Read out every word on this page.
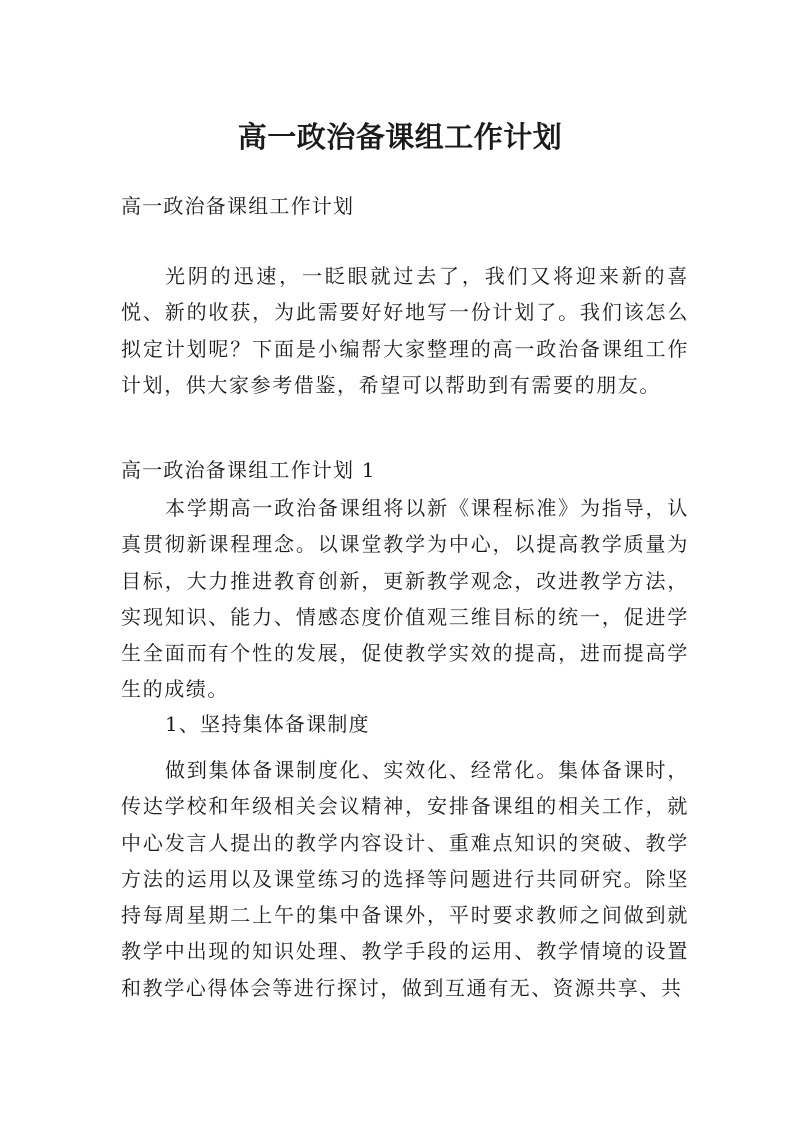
高一政治备课组工作计划
高一政治备课组工作计划

光阴的迅速，一眨眼就过去了，我们又将迎来新的喜悦、新的收获，为此需要好好地写一份计划了。我们该怎么拟定计划呢？下面是小编帮大家整理的高一政治备课组工作计划，供大家参考借鉴，希望可以帮助到有需要的朋友。

高一政治备课组工作计划 1

本学期高一政治备课组将以新《课程标准》为指导，认真贯彻新课程理念。以课堂教学为中心，以提高教学质量为目标，大力推进教育创新，更新教学观念，改进教学方法，实现知识、能力、情感态度价值观三维目标的统一，促进学生全面而有个性的发展，促使教学实效的提高，进而提高学生的成绩。

1、坚持集体备课制度

做到集体备课制度化、实效化、经常化。集体备课时，传达学校和年级相关会议精神，安排备课组的相关工作，就中心发言人提出的教学内容设计、重难点知识的突破、教学方法的运用以及课堂练习的选择等问题进行共同研究。除坚持每周星期二上午的集中备课外，平时要求教师之间做到就教学中出现的知识处理、教学手段的运用、教学情境的设置和教学心得体会等进行探讨，做到互通有无、资源共享、共
